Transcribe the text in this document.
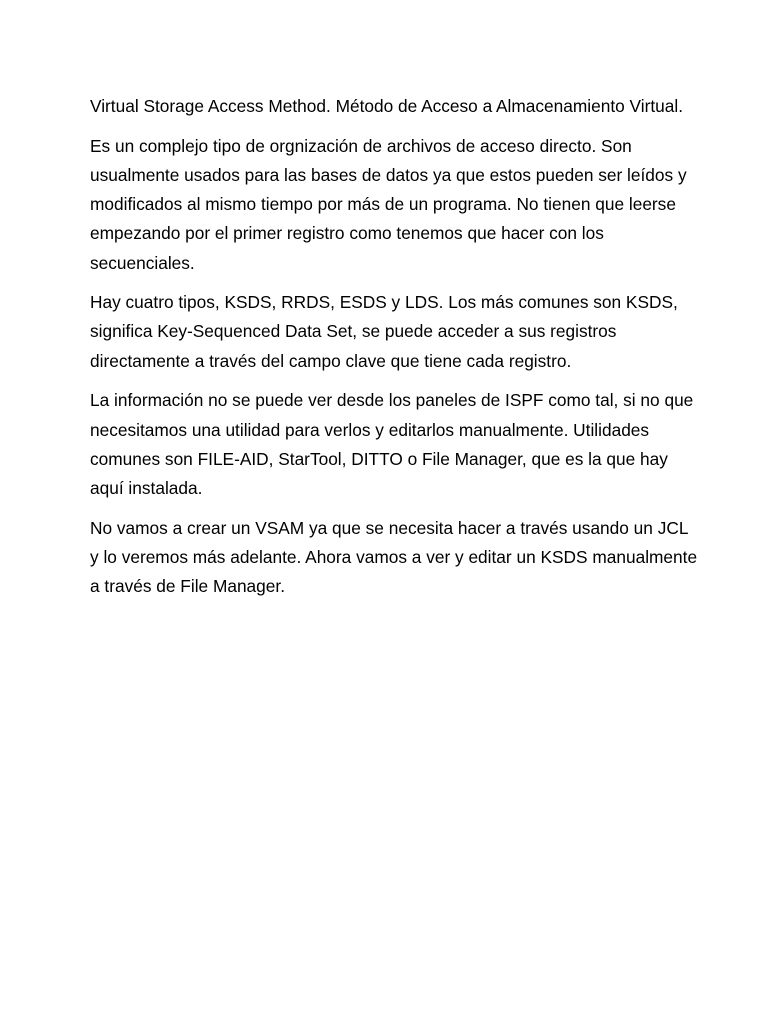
Virtual Storage Access Method. Método de Acceso a Almacenamiento Virtual.

Es un complejo tipo de orgnización de archivos de acceso directo. Son usualmente usados para las bases de datos ya que estos pueden ser leídos y modificados al mismo tiempo por más de un programa. No tienen que leerse empezando por el primer registro como tenemos que hacer con los secuenciales.

Hay cuatro tipos, KSDS, RRDS, ESDS y LDS. Los más comunes son KSDS, significa Key-Sequenced Data Set, se puede acceder a sus registros directamente a través del campo clave que tiene cada registro.

La información no se puede ver desde los paneles de ISPF como tal, si no que necesitamos una utilidad para verlos y editarlos manualmente. Utilidades comunes son FILE-AID, StarTool, DITTO o File Manager, que es la que hay aquí instalada.

No vamos a crear un VSAM ya que se necesita hacer a través usando un JCL y lo veremos más adelante. Ahora vamos a ver y editar un KSDS manualmente a través de File Manager.
